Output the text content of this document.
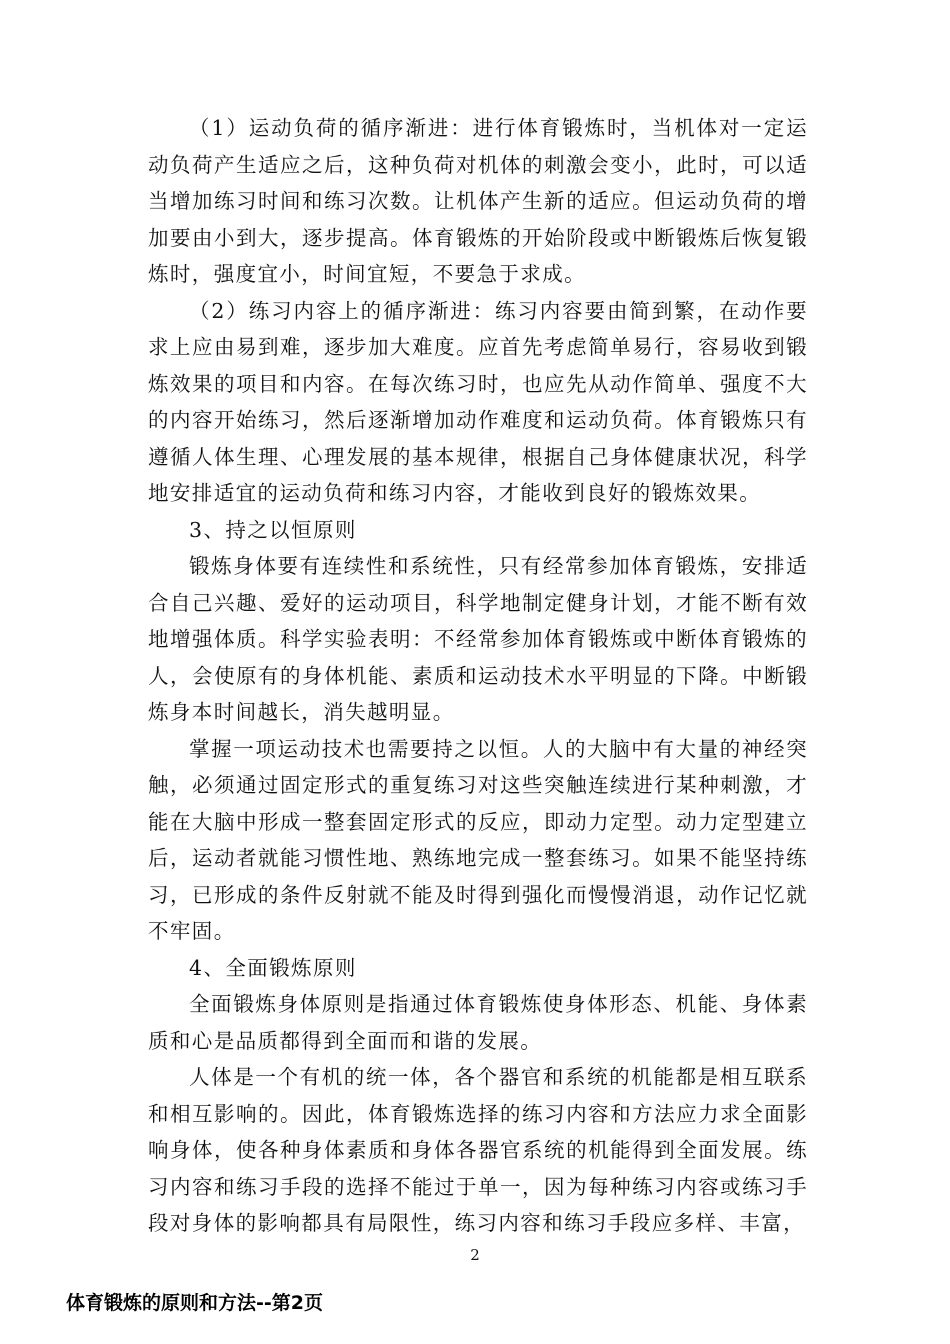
（1）运动负荷的循序渐进：进行体育锻炼时，当机体对一定运动负荷产生适应之后，这种负荷对机体的刺激会变小，此时，可以适当增加练习时间和练习次数。让机体产生新的适应。但运动负荷的增加要由小到大，逐步提高。体育锻炼的开始阶段或中断锻炼后恢复锻炼时，强度宜小，时间宜短，不要急于求成。

（2）练习内容上的循序渐进：练习内容要由简到繁，在动作要求上应由易到难，逐步加大难度。应首先考虑简单易行，容易收到锻炼效果的项目和内容。在每次练习时，也应先从动作简单、强度不大的内容开始练习，然后逐渐增加动作难度和运动负荷。体育锻炼只有遵循人体生理、心理发展的基本规律，根据自己身体健康状况，科学地安排适宜的运动负荷和练习内容，才能收到良好的锻炼效果。

3、持之以恒原则

锻炼身体要有连续性和系统性，只有经常参加体育锻炼，安排适合自己兴趣、爱好的运动项目，科学地制定健身计划，才能不断有效地增强体质。科学实验表明：不经常参加体育锻炼或中断体育锻炼的人，会使原有的身体机能、素质和运动技术水平明显的下降。中断锻炼身本时间越长，消失越明显。

掌握一项运动技术也需要持之以恒。人的大脑中有大量的神经突触，必须通过固定形式的重复练习对这些突触连续进行某种刺激，才能在大脑中形成一整套固定形式的反应，即动力定型。动力定型建立后，运动者就能习惯性地、熟练地完成一整套练习。如果不能坚持练习，已形成的条件反射就不能及时得到强化而慢慢消退，动作记忆就不牢固。

4、全面锻炼原则

全面锻炼身体原则是指通过体育锻炼使身体形态、机能、身体素质和心是品质都得到全面而和谐的发展。

人体是一个有机的统一体，各个器官和系统的机能都是相互联系和相互影响的。因此，体育锻炼选择的练习内容和方法应力求全面影响身体，使各种身体素质和身体各器官系统的机能得到全面发展。练习内容和练习手段的选择不能过于单一，因为每种练习内容或练习手段对身体的影响都具有局限性，练习内容和练习手段应多样、丰富，

2
体育锻炼的原则和方法--第2页
